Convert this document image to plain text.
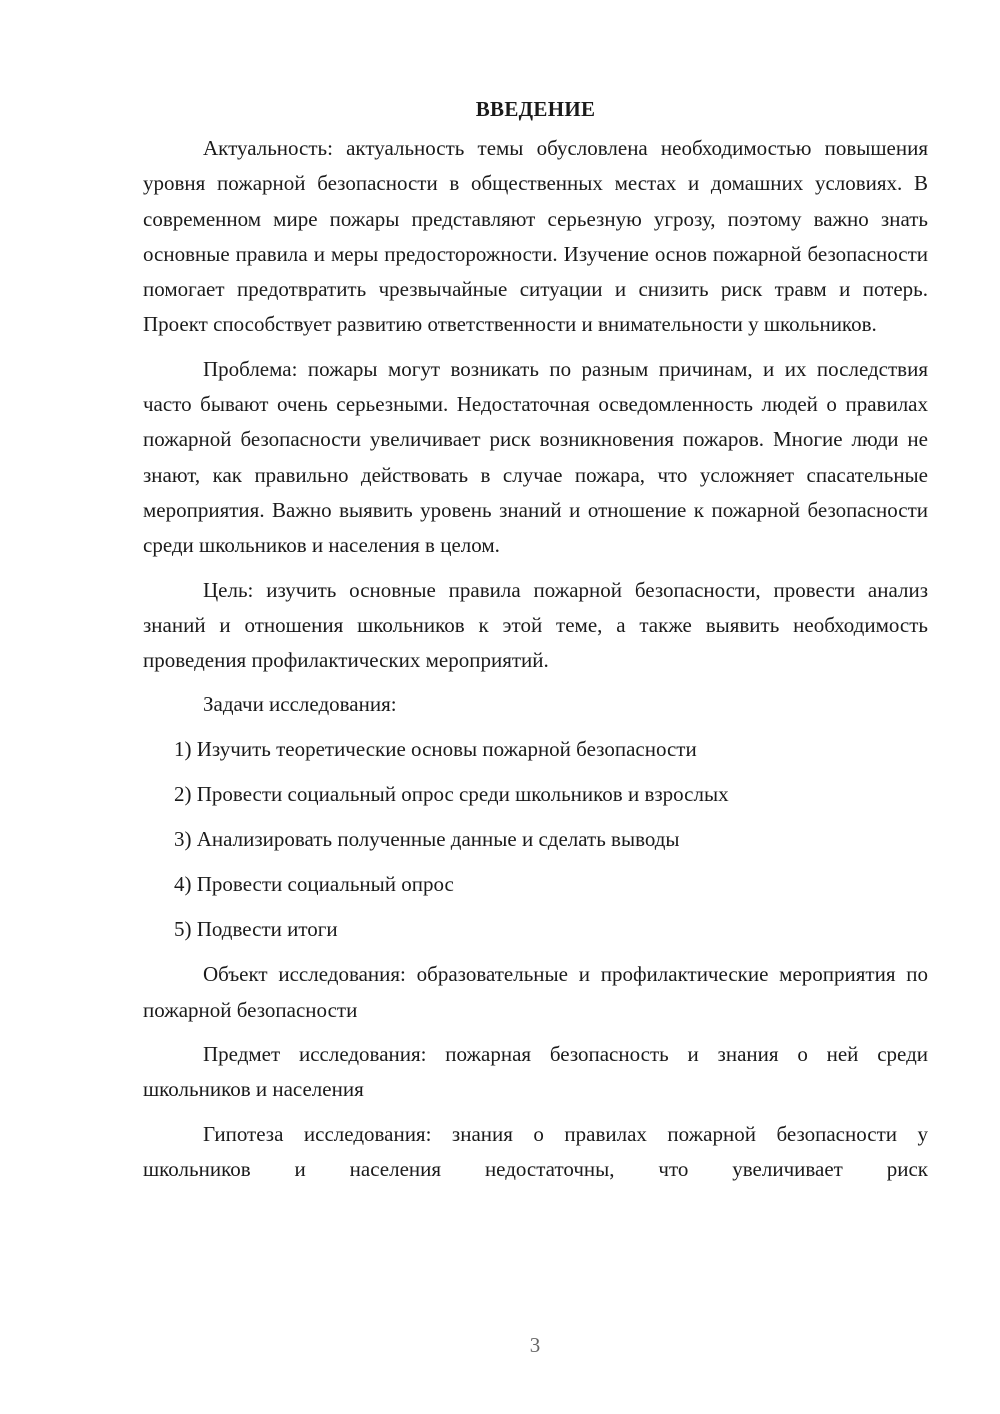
ВВЕДЕНИЕ

Актуальность: актуальность темы обусловлена необходимостью повышения уровня пожарной безопасности в общественных местах и домашних условиях. В современном мире пожары представляют серьезную угрозу, поэтому важно знать основные правила и меры предосторожности. Изучение основ пожарной безопасности помогает предотвратить чрезвычайные ситуации и снизить риск травм и потерь. Проект способствует развитию ответственности и внимательности у школьников.

Проблема: пожары могут возникать по разным причинам, и их последствия часто бывают очень серьезными. Недостаточная осведомленность людей о правилах пожарной безопасности увеличивает риск возникновения пожаров. Многие люди не знают, как правильно действовать в случае пожара, что усложняет спасательные мероприятия. Важно выявить уровень знаний и отношение к пожарной безопасности среди школьников и населения в целом.

Цель: изучить основные правила пожарной безопасности, провести анализ знаний и отношения школьников к этой теме, а также выявить необходимость проведения профилактических мероприятий.

Задачи исследования:
1) Изучить теоретические основы пожарной безопасности
2) Провести социальный опрос среди школьников и взрослых
3) Анализировать полученные данные и сделать выводы
4) Провести социальный опрос
5) Подвести итоги

Объект исследования: образовательные и профилактические мероприятия по пожарной безопасности

Предмет исследования: пожарная безопасность и знания о ней среди школьников и населения

Гипотеза исследования: знания о правилах пожарной безопасности у школьников и населения недостаточны, что увеличивает риск

3
